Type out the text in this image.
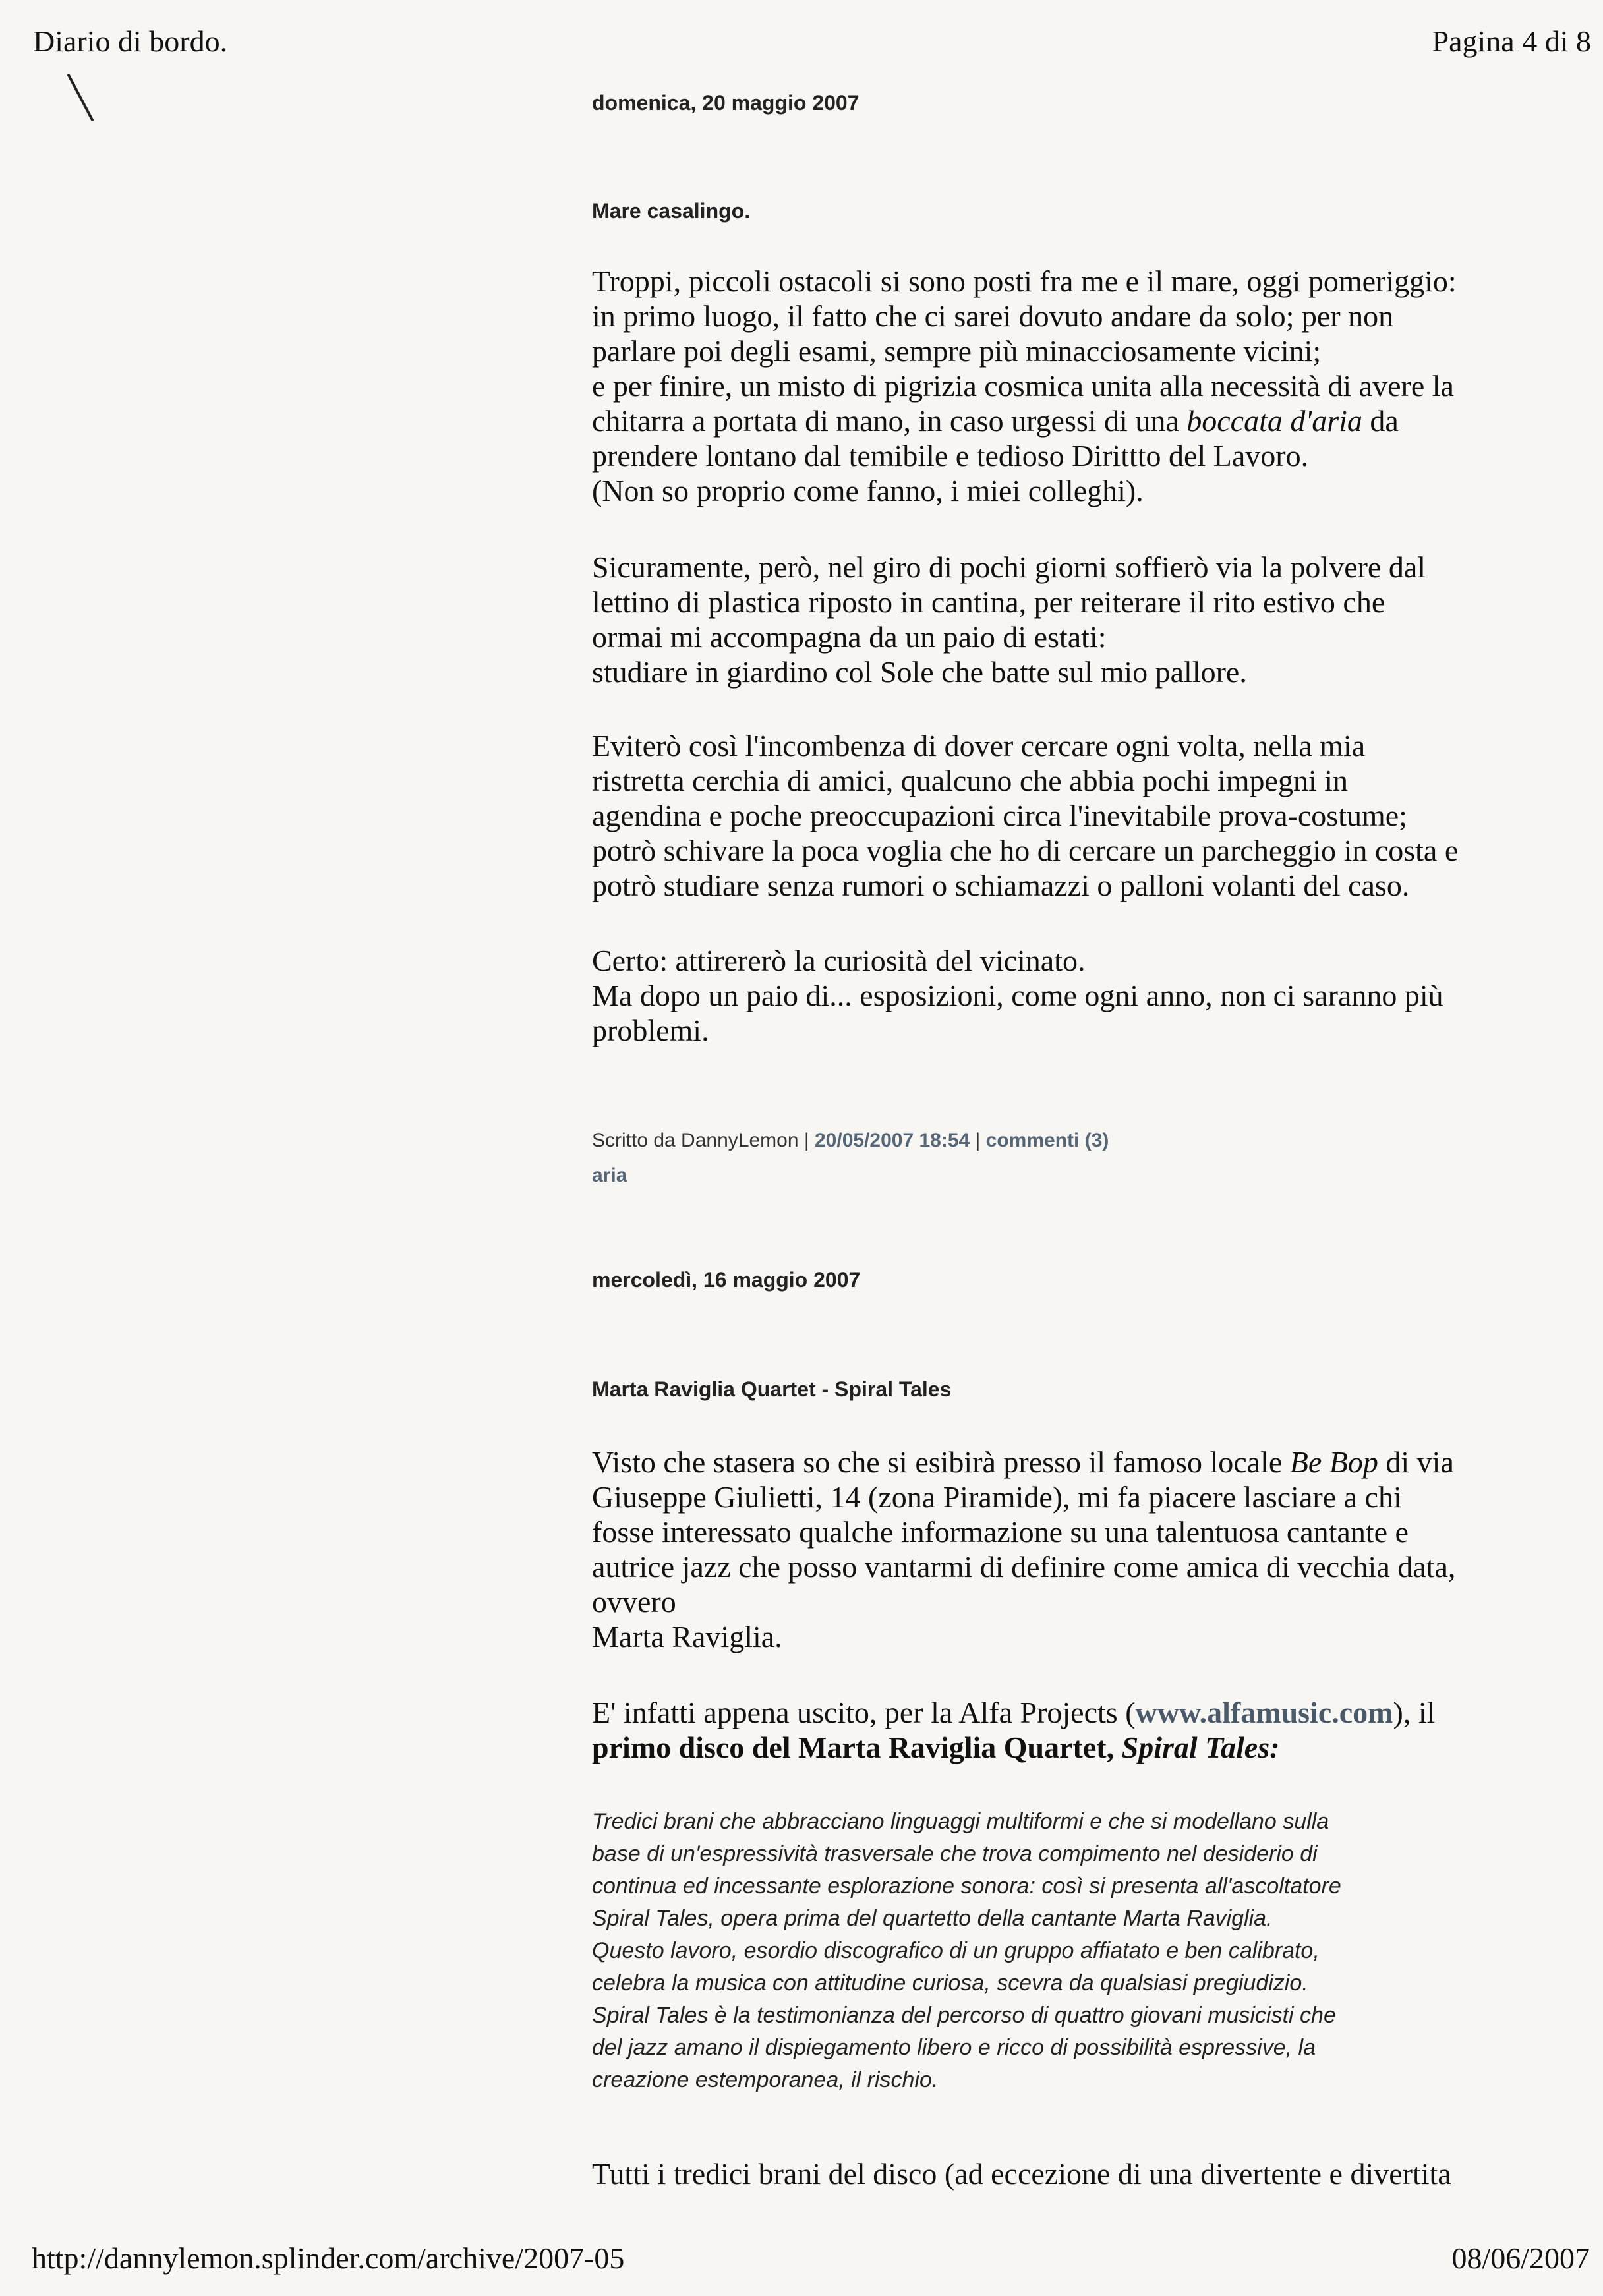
Diario di bordo.	Pagina 4 di 8
domenica, 20 maggio 2007
Mare casalingo.

Troppi, piccoli ostacoli si sono posti fra me e il mare, oggi pomeriggio:
in primo luogo, il fatto che ci sarei dovuto andare da solo; per non
parlare poi degli esami, sempre più minacciosamente vicini;
e per finire, un misto di pigrizia cosmica unita alla necessità di avere la
chitarra a portata di mano, in caso urgessi di una boccata d'aria da
prendere lontano dal temibile e tedioso Dirittto del Lavoro.
(Non so proprio come fanno, i miei colleghi).

Sicuramente, però, nel giro di pochi giorni soffierò via la polvere dal
lettino di plastica riposto in cantina, per reiterare il rito estivo che
ormai mi accompagna da un paio di estati:
studiare in giardino col Sole che batte sul mio pallore.

Eviterò così l'incombenza di dover cercare ogni volta, nella mia
ristretta cerchia di amici, qualcuno che abbia pochi impegni in
agendina e poche preoccupazioni circa l'inevitabile prova-costume;
potrò schivare la poca voglia che ho di cercare un parcheggio in costa e
potrò studiare senza rumori o schiamazzi o palloni volanti del caso.

Certo: attirererò la curiosità del vicinato.
Ma dopo un paio di... esposizioni, come ogni anno, non ci saranno più
problemi.

Scritto da DannyLemon | 20/05/2007 18:54 | commenti (3)
aria
mercoledì, 16 maggio 2007
Marta Raviglia Quartet - Spiral Tales

Visto che stasera so che si esibirà presso il famoso locale Be Bop di via
Giuseppe Giulietti, 14 (zona Piramide), mi fa piacere lasciare a chi
fosse interessato qualche informazione su una talentuosa cantante e
autrice jazz che posso vantarmi di definire come amica di vecchia data,
ovvero
Marta Raviglia.

E' infatti appena uscito, per la Alfa Projects (www.alfamusic.com), il
primo disco del Marta Raviglia Quartet, Spiral Tales:

Tredici brani che abbracciano linguaggi multiformi e che si modellano sulla
base di un'espressività trasversale che trova compimento nel desiderio di
continua ed incessante esplorazione sonora: così si presenta all'ascoltatore
Spiral Tales, opera prima del quartetto della cantante Marta Raviglia.
Questo lavoro, esordio discografico di un gruppo affiatato e ben calibrato,
celebra la musica con attitudine curiosa, scevra da qualsiasi pregiudizio.
Spiral Tales è la testimonianza del percorso di quattro giovani musicisti che
del jazz amano il dispiegamento libero e ricco di possibilità espressive, la
creazione estemporanea, il rischio.

Tutti i tredici brani del disco (ad eccezione di una divertente e divertita

http://dannylemon.splinder.com/archive/2007-05	08/06/2007
